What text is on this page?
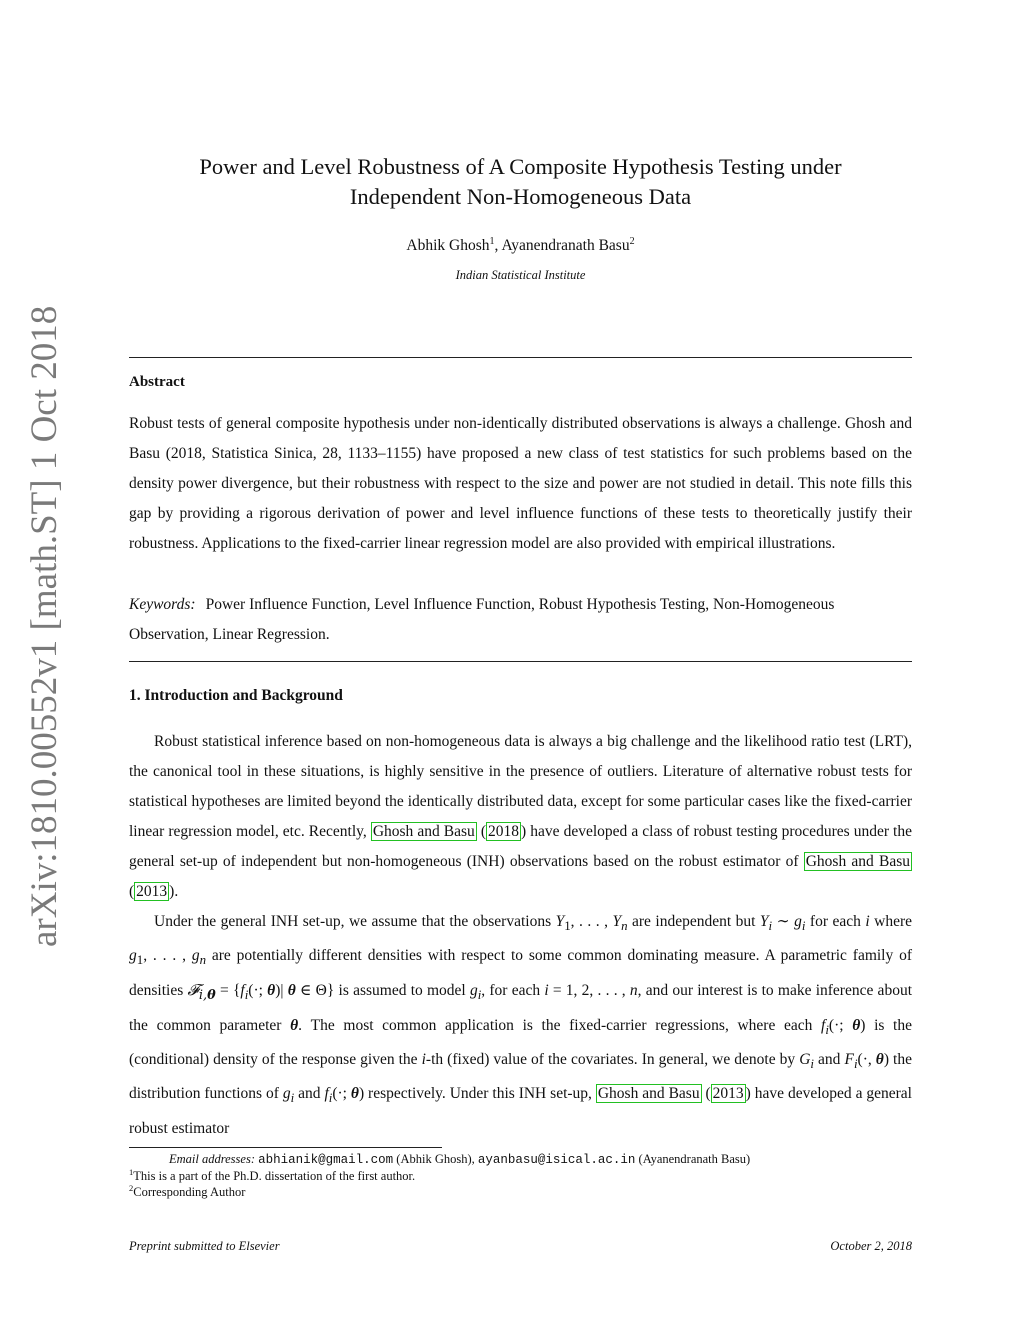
arXiv:1810.00552v1 [math.ST] 1 Oct 2018
Power and Level Robustness of A Composite Hypothesis Testing under
Independent Non-Homogeneous Data
Abhik Ghosh$^1$, Ayanendranath Basu$^2$
Indian Statistical Institute
Abstract
Robust tests of general composite hypothesis under non-identically distributed observations is always a challenge. Ghosh and Basu (2018, Statistica Sinica, 28, 1133–1155) have proposed a new class of test statistics for such problems based on the density power divergence, but their robustness with respect to the size and power are not studied in detail. This note fills this gap by providing a rigorous derivation of power and level influence functions of these tests to theoretically justify their robustness. Applications to the fixed-carrier linear regression model are also provided with empirical illustrations.
Keywords: Power Influence Function, Level Influence Function, Robust Hypothesis Testing, Non-Homogeneous Observation, Linear Regression.
1. Introduction and Background
Robust statistical inference based on non-homogeneous data is always a big challenge and the likelihood ratio test (LRT), the canonical tool in these situations, is highly sensitive in the presence of outliers. Literature of alternative robust tests for statistical hypotheses are limited beyond the identically distributed data, except for some particular cases like the fixed-carrier linear regression model, etc. Recently, Ghosh and Basu ( 2018 ) have developed a class of robust testing procedures under the general set-up of independent but non-homogeneous (INH) observations based on the robust estimator of Ghosh and Basu ( 2013 ).
Under the general INH set-up, we assume that the observations $Y_1$, . . . , $Y_n$ are independent but $Y_i$ ∼ $g_i$ for each i where $g_1$, . . . , $g_n$ are potentially different densities with respect to some common dominating measure. A parametric family of densities 𝓕$_{i,\theta}$ = {$f_i(\cdot$; θ)| θ ∈ Θ} is assumed to model $g_i$, for each i = 1, 2, . . . , n, and our interest is to make inference about the common parameter θ. The most common application is the fixed-carrier regressions, where each $f_i(\cdot$; θ) is the (conditional) density of the response given the i-th (fixed) value of the covariates. In general, we denote by $G_i$ and $F_i(\cdot$, θ) the distribution functions of $g_i$ and $f_i(\cdot$; θ) respectively. Under this INH set-up, Ghosh and Basu ( 2013 ) have developed a general robust estimator
Email addresses: abhianik@gmail.com (Abhik Ghosh), ayanbasu@isical.ac.in (Ayanendranath Basu)
$^1$This is a part of the Ph.D. dissertation of the first author.
$^2$Corresponding Author
Preprint submitted to Elsevier	October 2, 2018
